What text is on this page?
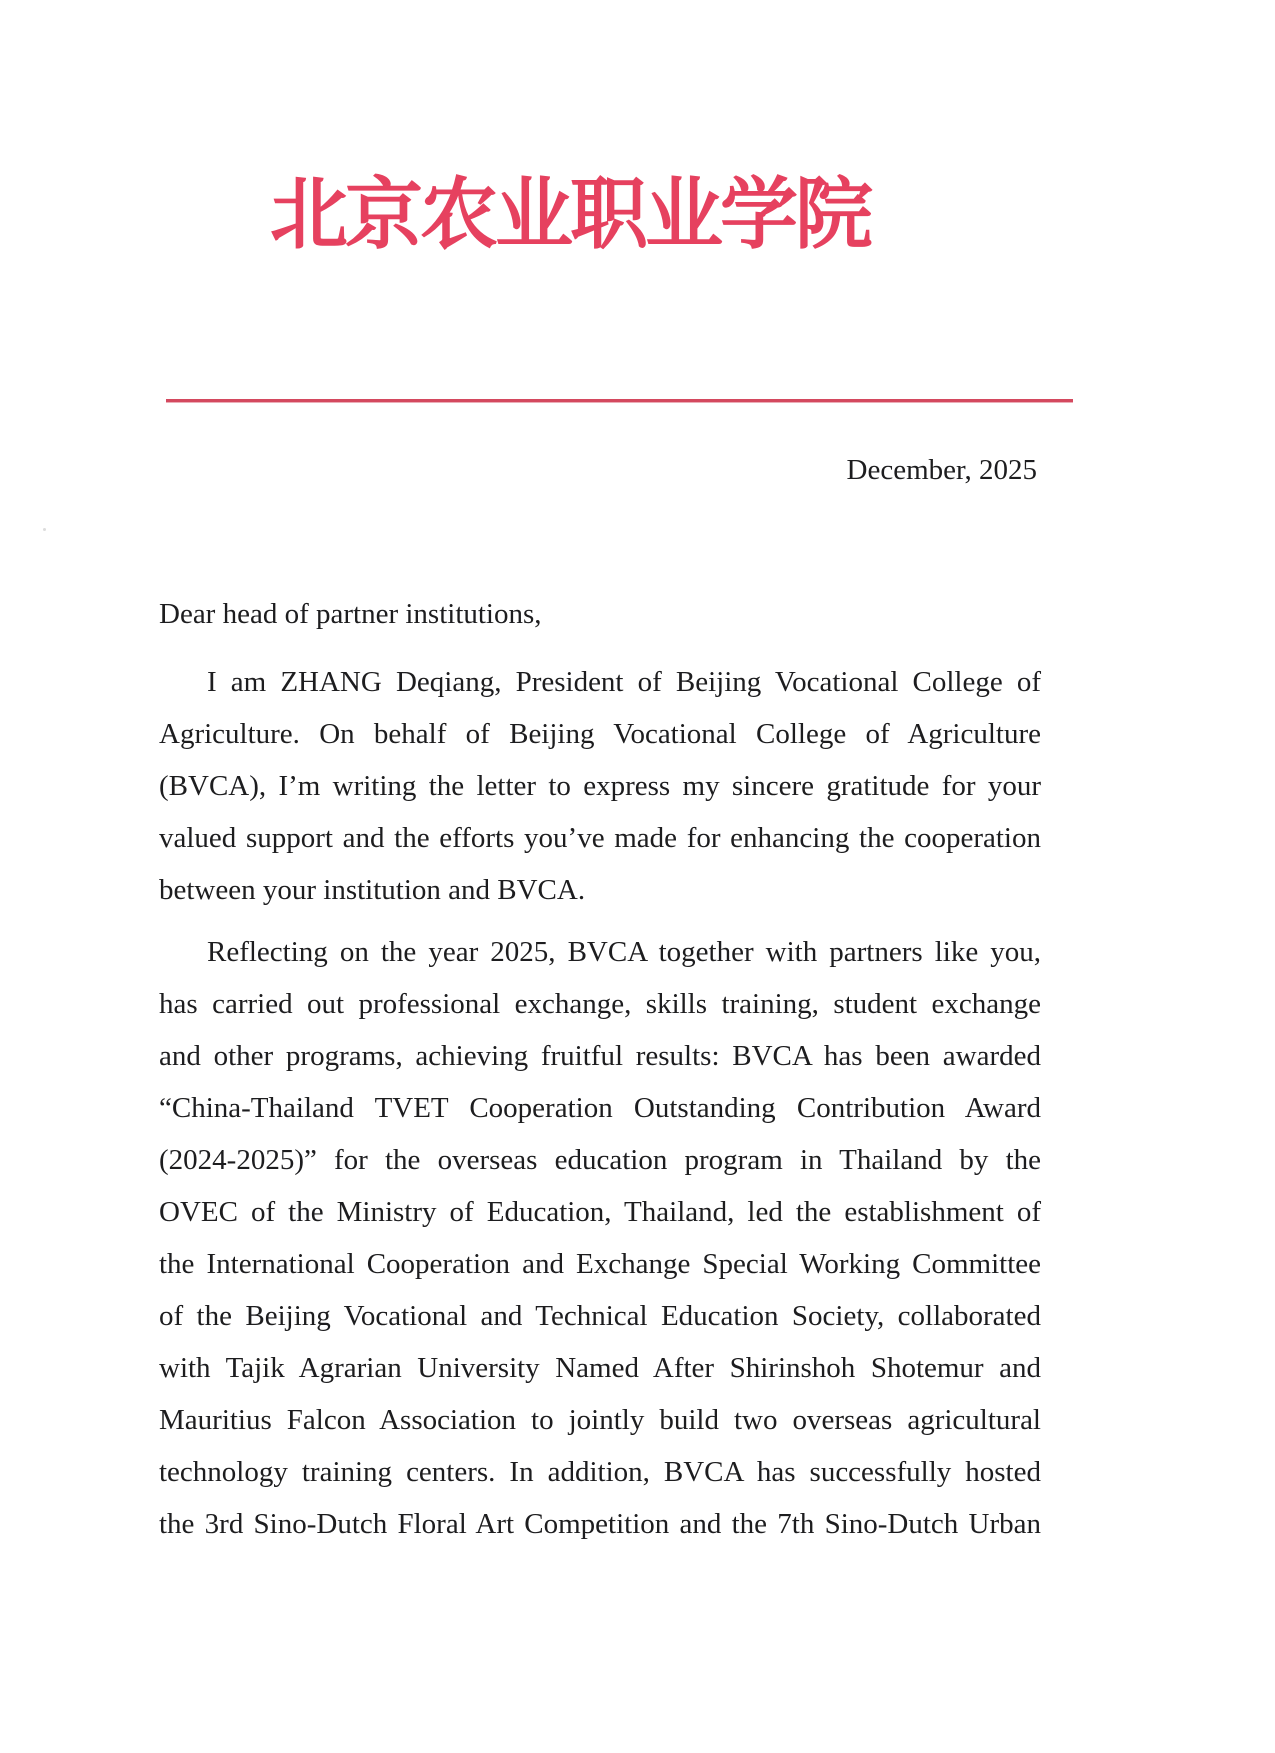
北京农业职业学院
December, 2025
Dear head of partner institutions,
I am ZHANG Deqiang, President of Beijing Vocational College of
Agriculture. On behalf of Beijing Vocational College of Agriculture
(BVCA), I’m writing the letter to express my sincere gratitude for your
valued support and the efforts you’ve made for enhancing the cooperation
between your institution and BVCA.
Reflecting on the year 2025, BVCA together with partners like you,
has carried out professional exchange, skills training, student exchange
and other programs, achieving fruitful results: BVCA has been awarded
“China-Thailand TVET Cooperation Outstanding Contribution Award
(2024-2025)” for the overseas education program in Thailand by the
OVEC of the Ministry of Education, Thailand, led the establishment of
the International Cooperation and Exchange Special Working Committee
of the Beijing Vocational and Technical Education Society, collaborated
with Tajik Agrarian University Named After Shirinshoh Shotemur and
Mauritius Falcon Association to jointly build two overseas agricultural
technology training centers. In addition, BVCA has successfully hosted
the 3rd Sino-Dutch Floral Art Competition and the 7th Sino-Dutch Urban
